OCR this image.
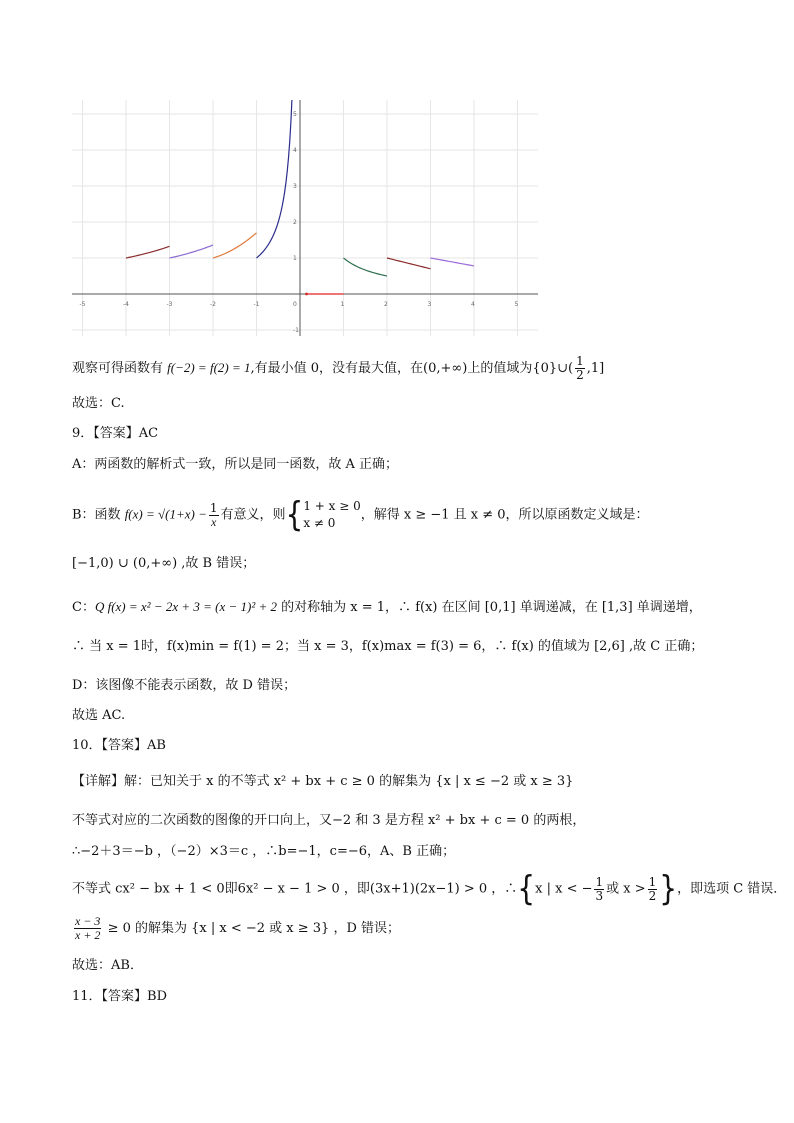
-5	-4	-3	-2	-1	0	1	2	3	4	5
5
4
3
2
1
-1
观察可得函数有 f(−2) = f(2) = 1,有最小值 0，没有最大值，在(0,+∞)上的值域为{0}∪( $\frac{1}{2} ,1$]
故选：C.
9．【答案】AC
A：两函数的解析式一致，所以是同一函数，故 A 正确；
B：函数 $f(x) = √(1+x) - \frac{1}{x}$ 有意义，则{ 1 + x ≥ 0
x ≠ 0
，解得 x ≥ −1 且 x ≠ 0，所以原函数定义域是：
[−1,0) ∪ (0,+∞) ,故 B 错误；
C：Q f(x) = x² − 2x + 3 = (x − 1)² + 2 的对称轴为 x = 1，∴ f(x) 在区间 [0,1] 单调递减，在 [1,3] 单调递增，
∴ 当 x = 1时，f(x)min = f(1) = 2；当 x = 3，f(x)max = f(3) = 6，∴ f(x) 的值域为 [2,6] ,故 C 正确；
D：该图像不能表示函数，故 D 错误；
故选 AC.
10．【答案】AB
【详解】解：已知关于 x 的不等式 x² + bx + c ≥ 0 的解集为 {x | x ≤ −2 或 x ≥ 3}
不等式对应的二次函数的图像的开口向上，又−2 和 3 是方程 x² + bx + c = 0 的两根，
∴−2＋3＝−b ，（−2）×3＝c ，∴b=−1，c=−6，A、B 正确；
不等式 cx² − bx + 1 < 0即6x² − x − 1 > 0 ，即(3x+1)(2x−1) > 0 ，∴{x | x < − $\frac{1}{3}$ 或 $x > \frac{1}{2}$ }，即选项 C 错误．
$\frac{x - 3}{x + 2} \ge 0$ 的解集为 {x | x < −2 或 x ≥ 3} ，D 错误；
故选：AB．
11．【答案】BD
